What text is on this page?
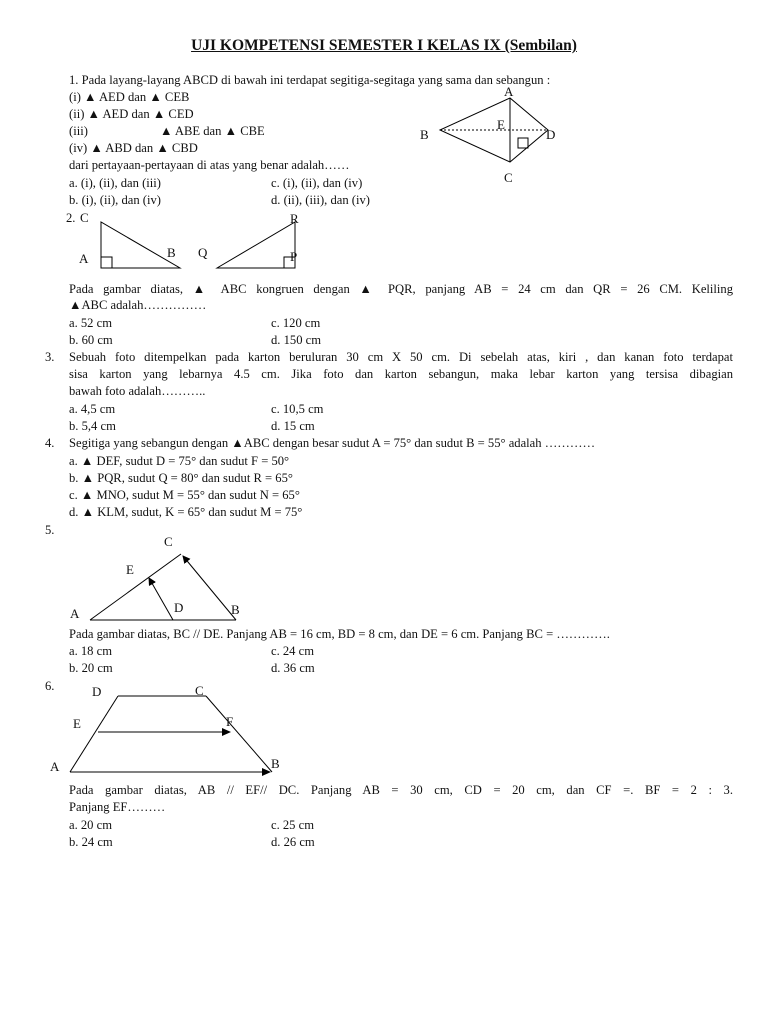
UJI KOMPETENSI SEMESTER I KELAS IX (Sembilan)
1. Pada layang-layang ABCD di bawah ini terdapat segitiga-segitaga yang sama dan sebangun :
(i) ▲ AED dan ▲ CEB
(ii) ▲ AED dan ▲ CED
(iii)	▲ ABE dan ▲ CBE
(iv) ▲ ABD dan ▲ CBD
dari pertayaan-pertayaan di atas yang benar adalah……
a. (i), (ii), dan (iii)	c. (i), (ii), dan (iv)
b. (i), (ii), dan (iv)	d. (ii), (iii), dan (iv)
A
B
E
D
C
2. C
A	B
R
Q	P
Pada gambar diatas, ▲ ABC kongruen dengan ▲ PQR, panjang AB = 24 cm dan QR = 26 CM. Keliling
▲ABC adalah……………
a. 52 cm	c. 120 cm
b. 60 cm	d. 150 cm
3. Sebuah foto ditempelkan pada karton beruluran 30 cm X 50 cm. Di sebelah atas, kiri , dan kanan foto terdapat
sisa karton yang lebarnya 4.5 cm. Jika foto dan karton sebangun, maka lebar karton yang tersisa dibagian
bawah foto adalah………..
a. 4,5 cm	c. 10,5 cm
b. 5,4 cm	d. 15 cm
4. Segitiga yang sebangun dengan ▲ABC dengan besar sudut A = 75° dan sudut B = 55° adalah …………
a. ▲ DEF, sudut D = 75° dan sudut F = 50°
b. ▲ PQR, sudut Q = 80° dan sudut R = 65°
c. ▲ MNO, sudut M = 55° dan sudut N = 65°
d. ▲ KLM, sudut, K = 65° dan sudut M = 75°
5.
C
E
D
A	B
Pada gambar diatas, BC // DE. Panjang AB = 16 cm, BD = 8 cm, dan DE = 6 cm. Panjang BC = ………….
a. 18 cm	c. 24 cm
b. 20 cm	d. 36 cm
6.	D	C
E	F
A	B
Pada gambar diatas, AB // EF// DC. Panjang AB = 30 cm, CD = 20 cm, dan CF =. BF = 2 : 3.
Panjang EF………
a. 20 cm	c. 25 cm
b. 24 cm	d. 26 cm
